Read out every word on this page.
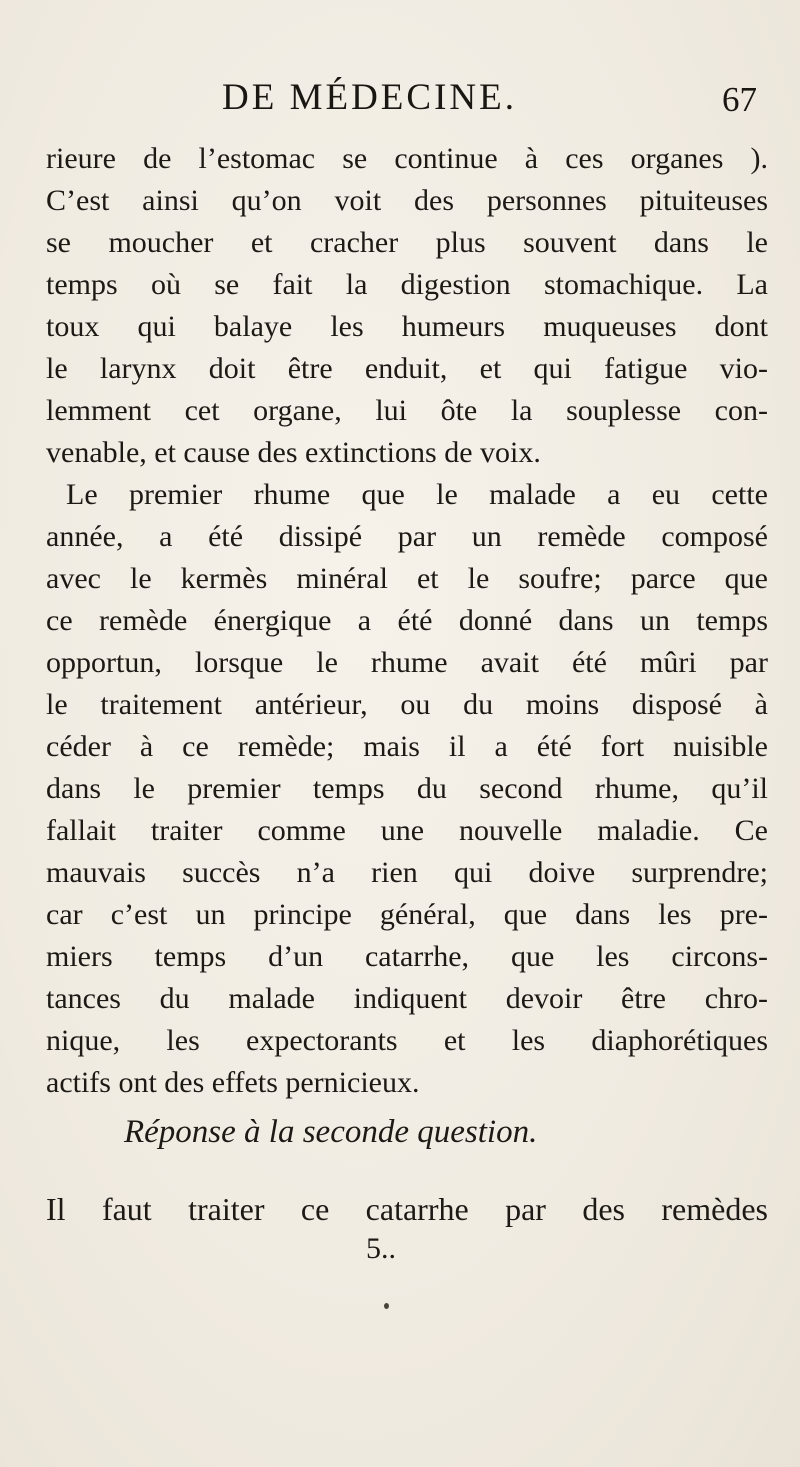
DE MÉDECINE.	67
rieure de l’estomac se continue à ces organes ).
C’est ainsi qu’on voit des personnes pituiteuses
se moucher et cracher plus souvent dans le
temps où se fait la digestion stomachique. La
toux qui balaye les humeurs muqueuses dont
le larynx doit être enduit, et qui fatigue vio-
lemment cet organe, lui ôte la souplesse con-
venable, et cause des extinctions de voix.
Le premier rhume que le malade a eu cette
année, a été dissipé par un remède composé
avec le kermès minéral et le soufre; parce que
ce remède énergique a été donné dans un temps
opportun, lorsque le rhume avait été mûri par
le traitement antérieur, ou du moins disposé à
céder à ce remède; mais il a été fort nuisible
dans le premier temps du second rhume, qu’il
fallait traiter comme une nouvelle maladie. Ce
mauvais succès n’a rien qui doive surprendre;
car c’est un principe général, que dans les pre-
miers temps d’un catarrhe, que les circons-
tances du malade indiquent devoir être chro-
nique, les expectorants et les diaphorétiques
actifs ont des effets pernicieux.
Réponse à la seconde question.
Il faut traiter ce catarrhe par des remèdes
5..
